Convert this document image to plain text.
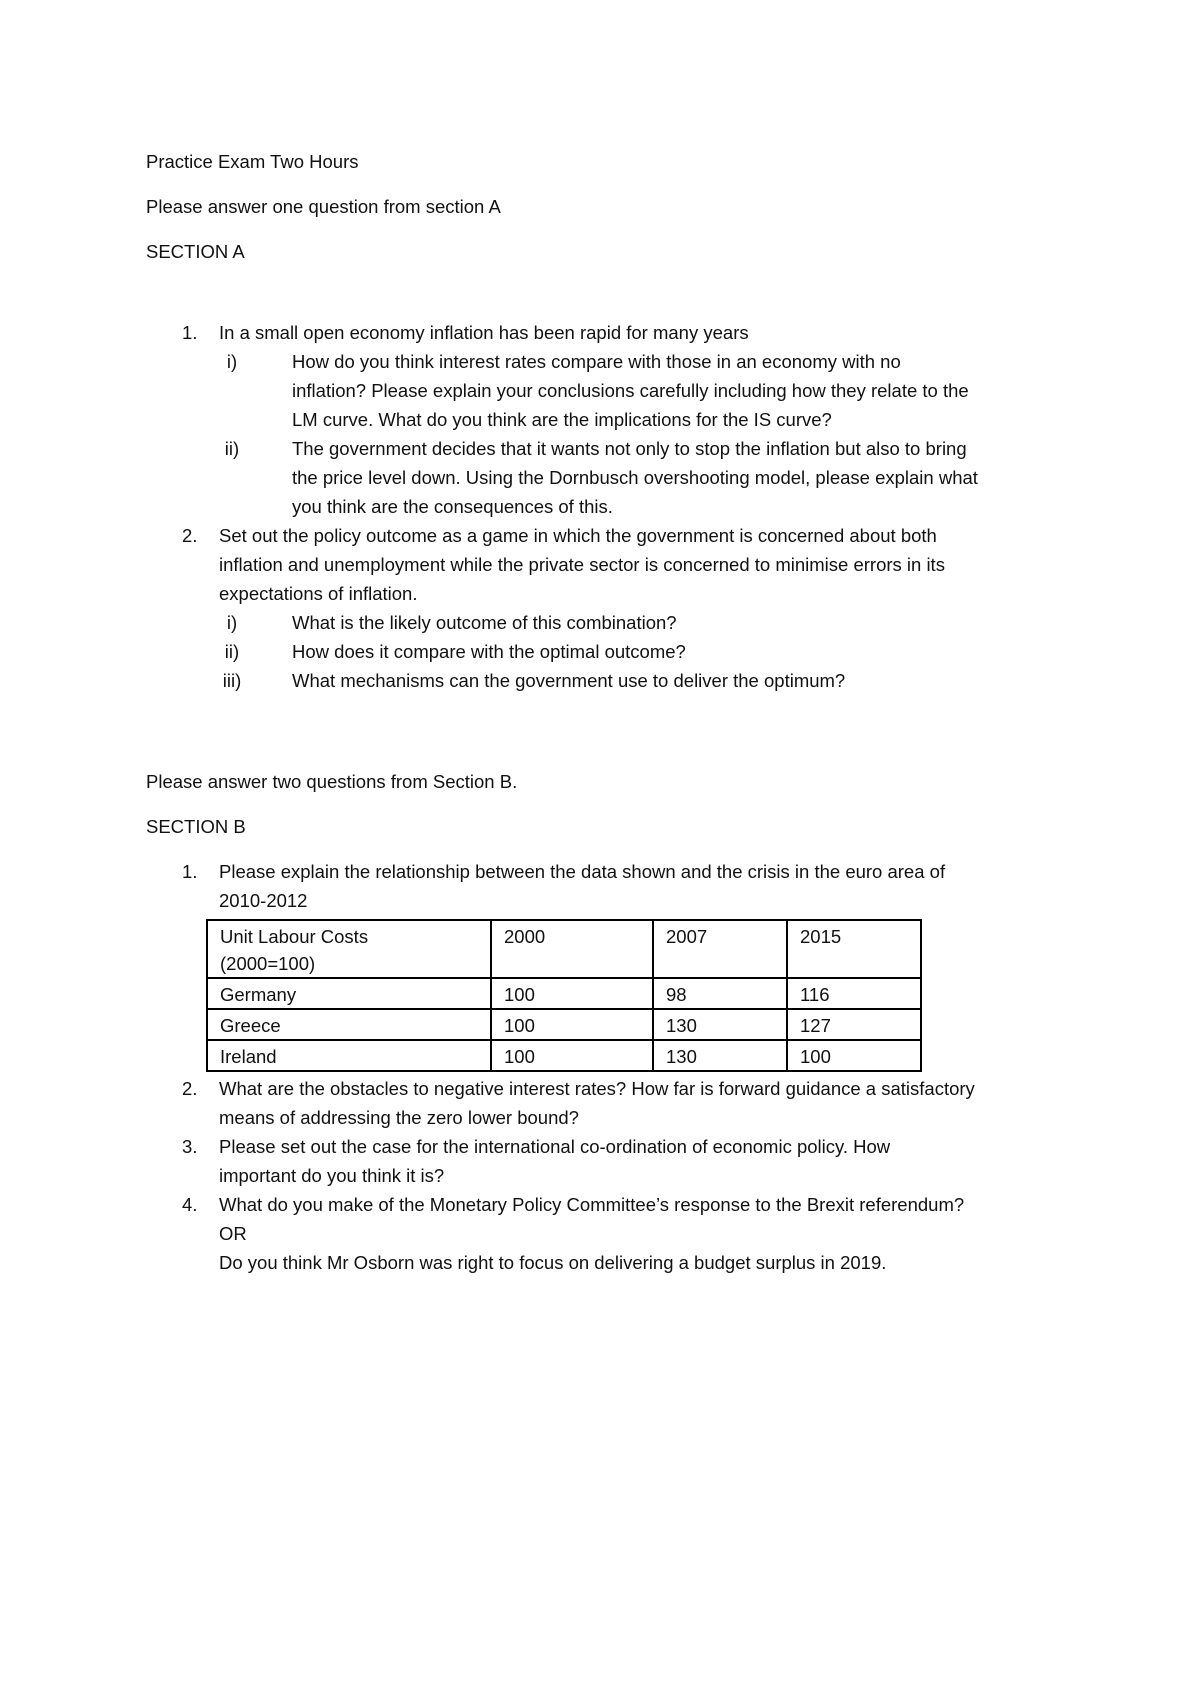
Practice Exam Two Hours

Please answer one question from section A

SECTION A

1. In a small open economy inflation has been rapid for many years
i)	How do you think interest rates compare with those in an economy with no
inflation? Please explain your conclusions carefully including how they relate to the
LM curve. What do you think are the implications for the IS curve?
ii)	The government decides that it wants not only to stop the inflation but also to bring
the price level down. Using the Dornbusch overshooting model, please explain what
you think are the consequences of this.
2. Set out the policy outcome as a game in which the government is concerned about both
inflation and unemployment while the private sector is concerned to minimise errors in its
expectations of inflation.
i)	What is the likely outcome of this combination?
ii)	How does it compare with the optimal outcome?
iii)	What mechanisms can the government use to deliver the optimum?

Please answer two questions from Section B.

SECTION B

1. Please explain the relationship between the data shown and the crisis in the euro area of
2010-2012
Unit Labour Costs
(2000=100)	2000	2007	2015
Germany	100	98	116
Greece	100	130	127
Ireland	100	130	100
2. What are the obstacles to negative interest rates? How far is forward guidance a satisfactory
means of addressing the zero lower bound?
3. Please set out the case for the international co-ordination of economic policy. How
important do you think it is?
4. What do you make of the Monetary Policy Committee’s response to the Brexit referendum?
OR
Do you think Mr Osborn was right to focus on delivering a budget surplus in 2019.
